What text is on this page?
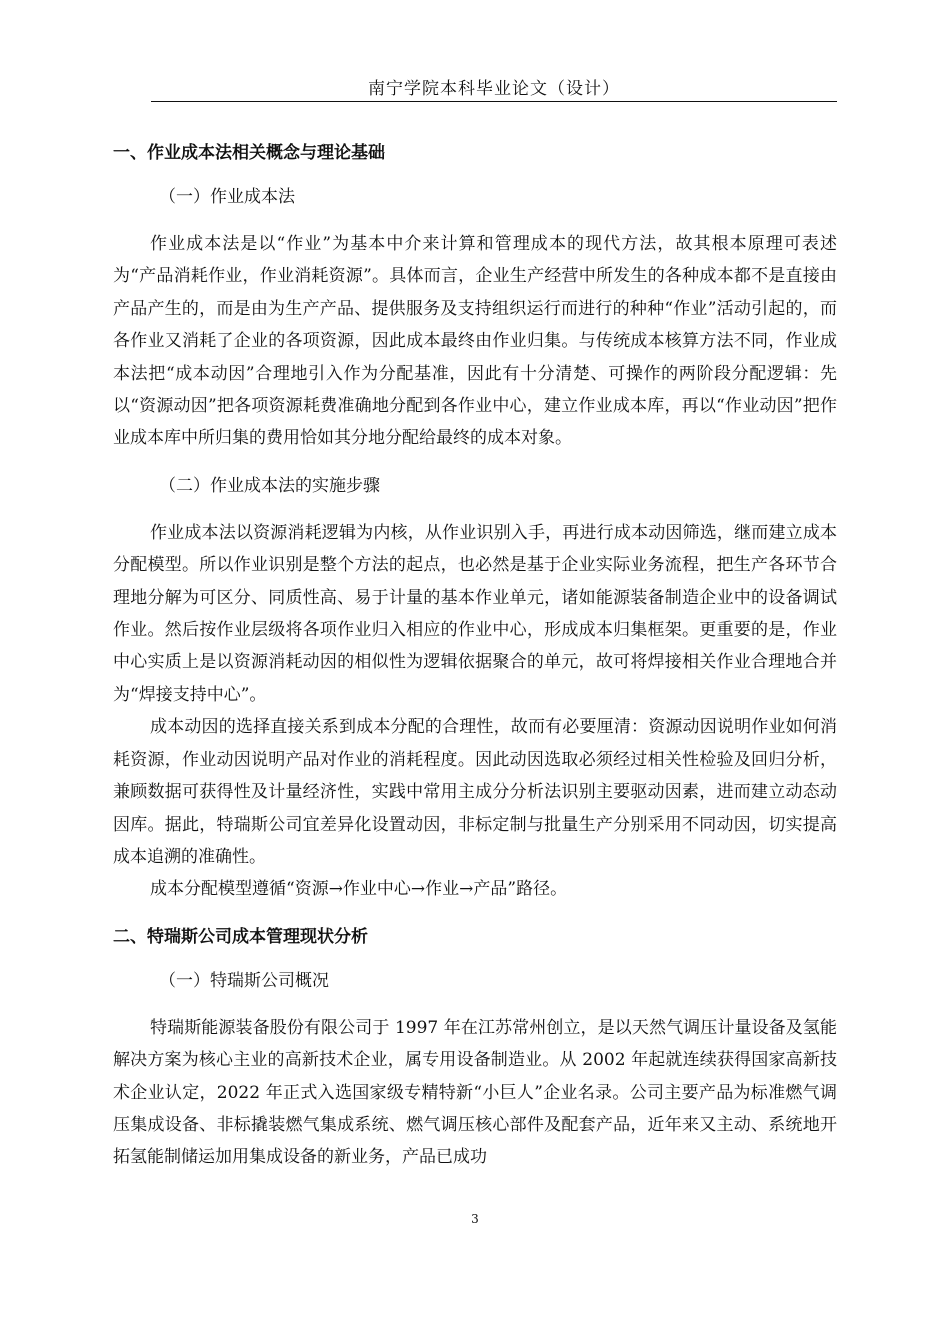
南宁学院本科毕业论文（设计）
一、作业成本法相关概念与理论基础
（一）作业成本法

作业成本法是以“作业”为基本中介来计算和管理成本的现代方法，故其根本原理可表述为“产品消耗作业，作业消耗资源”。具体而言，企业生产经营中所发生的各种成本都不是直接由产品产生的，而是由为生产产品、提供服务及支持组织运行而进行的种种“作业”活动引起的，而各作业又消耗了企业的各项资源，因此成本最终由作业归集。与传统成本核算方法不同，作业成本法把“成本动因”合理地引入作为分配基准，因此有十分清楚、可操作的两阶段分配逻辑：先以“资源动因”把各项资源耗费准确地分配到各作业中心，建立作业成本库，再以“作业动因”把作业成本库中所归集的费用恰如其分地分配给最终的成本对象。

（二）作业成本法的实施步骤

作业成本法以资源消耗逻辑为内核，从作业识别入手，再进行成本动因筛选，继而建立成本分配模型。所以作业识别是整个方法的起点，也必然是基于企业实际业务流程，把生产各环节合理地分解为可区分、同质性高、易于计量的基本作业单元，诸如能源装备制造企业中的设备调试作业。然后按作业层级将各项作业归入相应的作业中心，形成成本归集框架。更重要的是，作业中心实质上是以资源消耗动因的相似性为逻辑依据聚合的单元，故可将焊接相关作业合理地合并为“焊接支持中心”。

成本动因的选择直接关系到成本分配的合理性，故而有必要厘清：资源动因说明作业如何消耗资源，作业动因说明产品对作业的消耗程度。因此动因选取必须经过相关性检验及回归分析，兼顾数据可获得性及计量经济性，实践中常用主成分分析法识别主要驱动因素，进而建立动态动因库。据此，特瑞斯公司宜差异化设置动因，非标定制与批量生产分别采用不同动因，切实提高成本追溯的准确性。

成本分配模型遵循“资源→作业中心→作业→产品”路径。

二、特瑞斯公司成本管理现状分析
（一）特瑞斯公司概况

特瑞斯能源装备股份有限公司于 1997 年在江苏常州创立，是以天然气调压计量设备及氢能解决方案为核心主业的高新技术企业，属专用设备制造业。从 2002 年起就连续获得国家高新技术企业认定，2022 年正式入选国家级专精特新“小巨人”企业名录。公司主要产品为标准燃气调压集成设备、非标撬装燃气集成系统、燃气调压核心部件及配套产品，近年来又主动、系统地开拓氢能制储运加用集成设备的新业务，产品已成功

3
